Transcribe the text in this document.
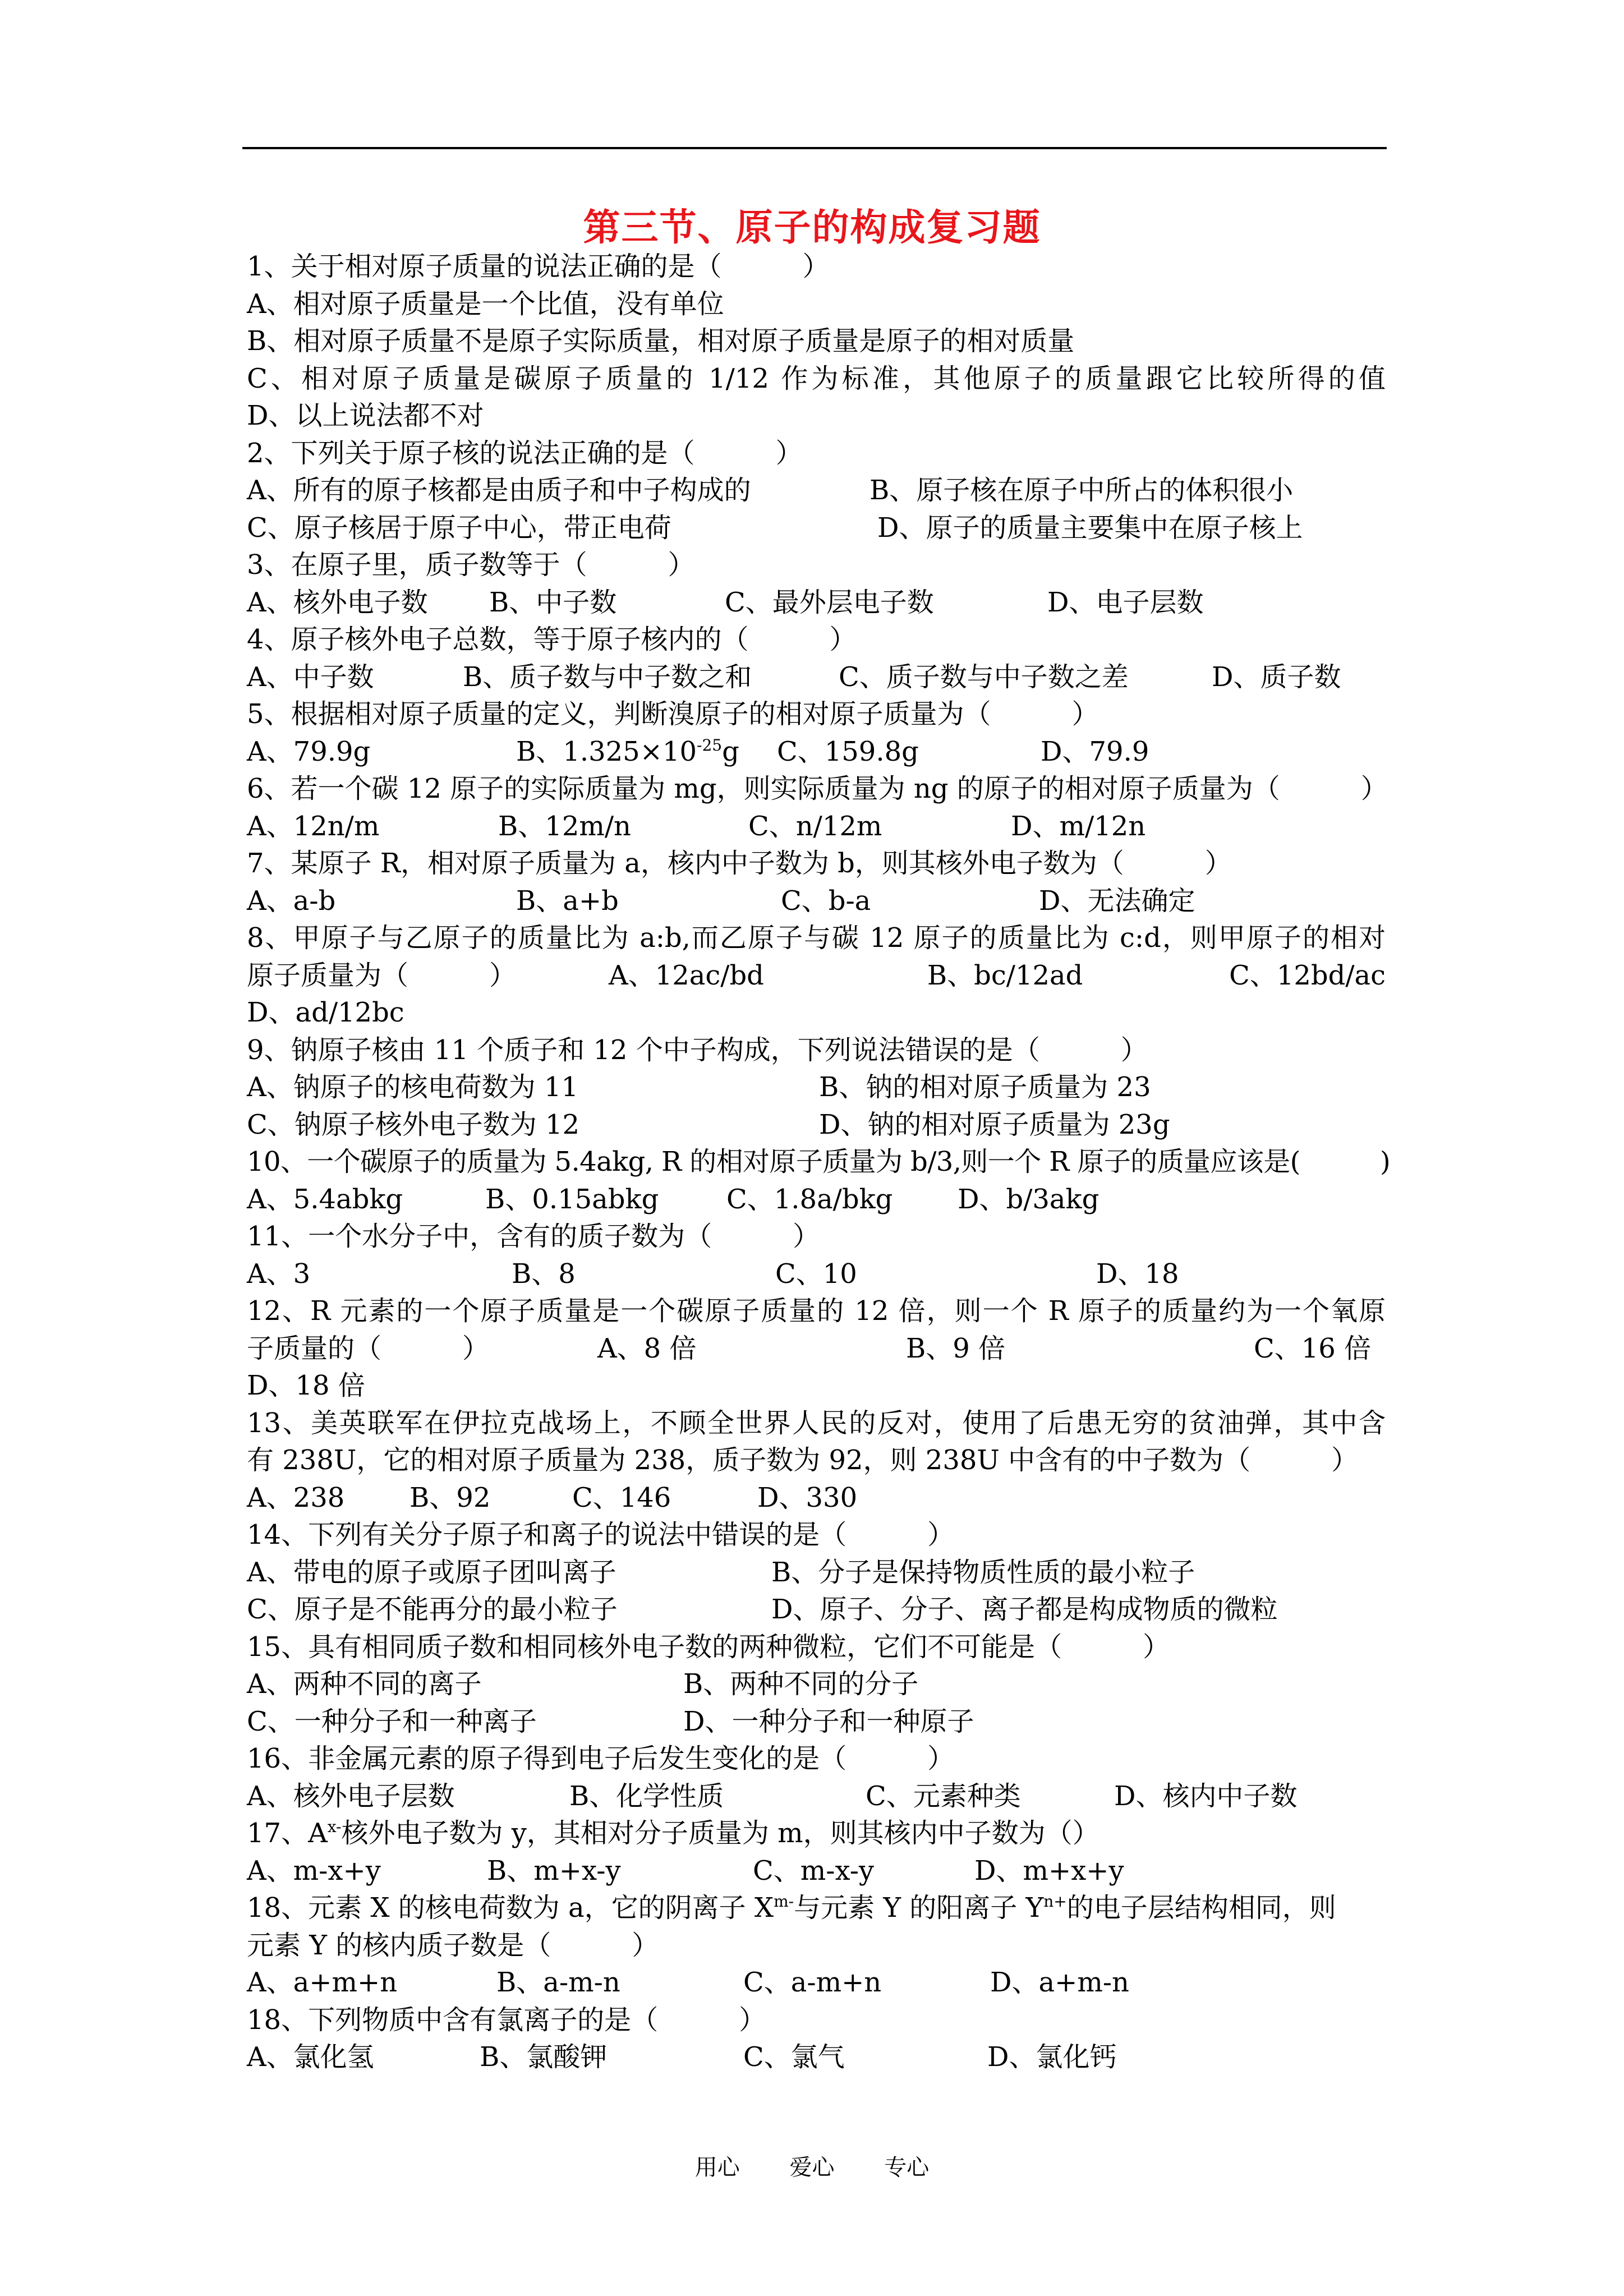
第三节、原子的构成复习题
1、关于相对原子质量的说法正确的是（　　　）
A、相对原子质量是一个比值，没有单位
B、相对原子质量不是原子实际质量，相对原子质量是原子的相对质量
C、相对原子质量是碳原子质量的 1/12 作为标准，其他原子的质量跟它比较所得的值
D、以上说法都不对
2、下列关于原子核的说法正确的是（　　　）
A、所有的原子核都是由质子和中子构成的	B、原子核在原子中所占的体积很小
C、原子核居于原子中心，带正电荷	D、原子的质量主要集中在原子核上
3、在原子里，质子数等于（　　　）
A、核外电子数	B、中子数	C、最外层电子数	D、电子层数
4、原子核外电子总数，等于原子核内的（　　　）
A、中子数	B、质子数与中子数之和	C、质子数与中子数之差	D、质子数
5、根据相对原子质量的定义，判断溴原子的相对原子质量为（　　　）
A、79.9g	B、$1.325\times 10^{-25}g$	C、159.8g	D、79.9
6、若一个碳 12 原子的实际质量为 mg，则实际质量为 ng 的原子的相对原子质量为（　　　）
A、12n/m	B、12m/n	C、n/12m	D、m/12n
7、某原子 R，相对原子质量为 a，核内中子数为 b，则其核外电子数为（　　　）
A、a-b	B、a+b	C、b-a	D、无法确定
8、甲原子与乙原子的质量比为 a:b,而乙原子与碳 12 原子的质量比为 c:d，则甲原子的相对
原子质量为（　　　）	A、12ac/bd	B、bc/12ad	C、12bd/ac
D、ad/12bc
9、钠原子核由 11 个质子和 12 个中子构成，下列说法错误的是（　　　）
A、钠原子的核电荷数为 11	B、钠的相对原子质量为 23
C、钠原子核外电子数为 12	D、钠的相对原子质量为 23g
10、一个碳原子的质量为 5.4akg, R 的相对原子质量为 b/3,则一个 R 原子的质量应该是(　　　)
A、5.4abkg	B、0.15abkg	C、1.8a/bkg	D、b/3akg
11、一个水分子中，含有的质子数为（　　　）
A、3	B、8	C、10	D、18
12、R 元素的一个原子质量是一个碳原子质量的 12 倍，则一个 R 原子的质量约为一个氧原
子质量的（　　　）	A、8 倍	B、9 倍	C、16 倍
D、18 倍
13、美英联军在伊拉克战场上，不顾全世界人民的反对，使用了后患无穷的贫油弹，其中含
有 238U，它的相对原子质量为 238，质子数为 92，则 238U 中含有的中子数为（　　　）
A、238	B、92	C、146	D、330
14、下列有关分子原子和离子的说法中错误的是（　　　）
A、带电的原子或原子团叫离子	B、分子是保持物质性质的最小粒子
C、原子是不能再分的最小粒子	D、原子、分子、离子都是构成物质的微粒
15、具有相同质子数和相同核外电子数的两种微粒，它们不可能是（　　　）
A、两种不同的离子	B、两种不同的分子
C、一种分子和一种离子	D、一种分子和一种原子
16、非金属元素的原子得到电子后发生变化的是（　　　）
A、核外电子层数	B、化学性质	C、元素种类	D、核内中子数
17、$A^{x-}$核外电子数为 y，其相对分子质量为 m，则其核内中子数为（）
A、m-x+y	B、m+x-y	C、m-x-y	D、m+x+y
18、元素 X 的核电荷数为 a，它的阴离子 $X^{m-}$与元素 Y 的阳离子 $Y^{n+}$的电子层结构相同，则
元素 Y 的核内质子数是（　　　）
A、a+m+n	B、a-m-n	C、a-m+n	D、a+m-n
18、下列物质中含有氯离子的是（　　　）
A、氯化氢	B、氯酸钾	C、氯气	D、氯化钙
用心 爱心 专心
